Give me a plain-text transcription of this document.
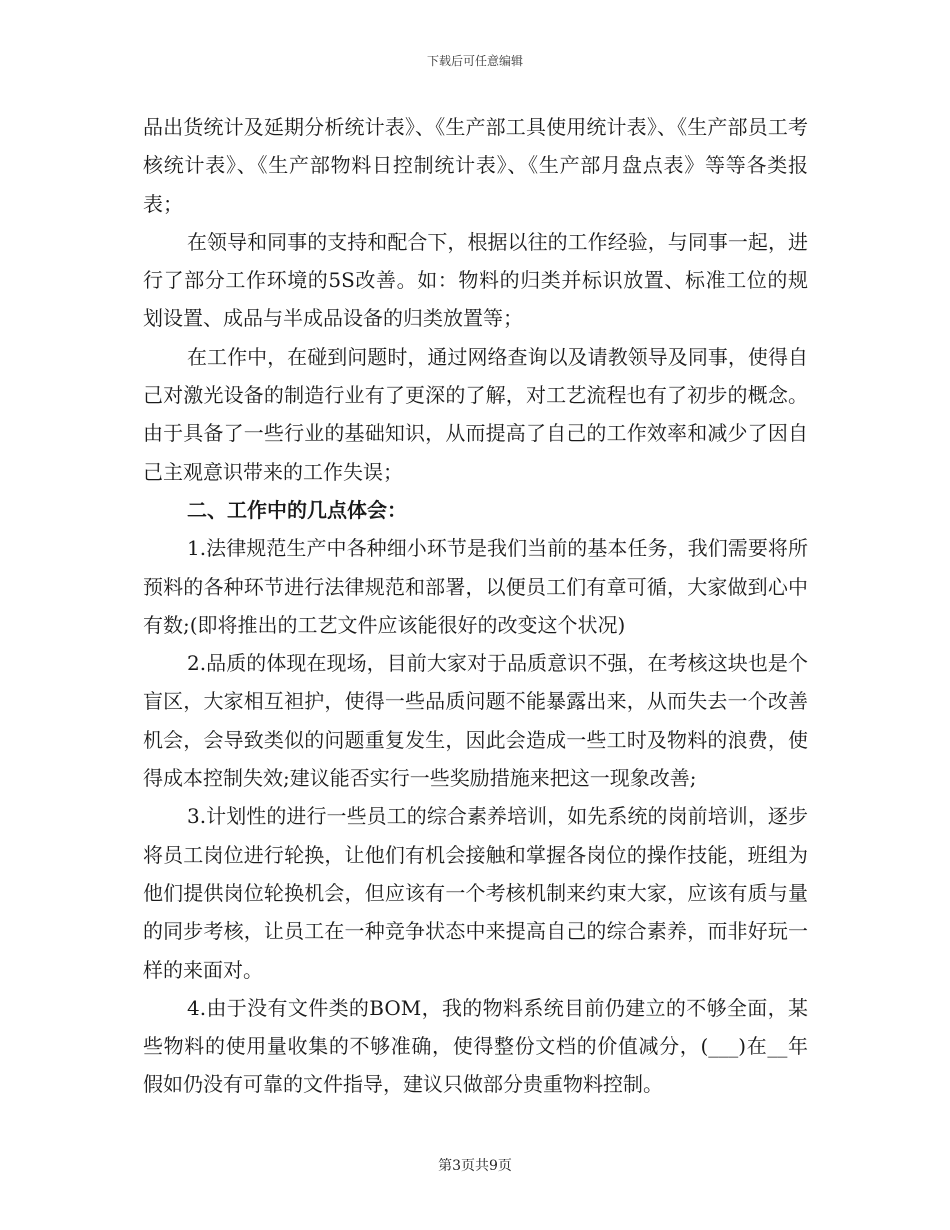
下载后可任意编辑

品出货统计及延期分析统计表》、《生产部工具使用统计表》、《生产部员工考核统计表》、《生产部物料日控制统计表》、《生产部月盘点表》等等各类报表；

在领导和同事的支持和配合下，根据以往的工作经验，与同事一起，进行了部分工作环境的5S改善。如：物料的归类并标识放置、标准工位的规划设置、成品与半成品设备的归类放置等；

在工作中，在碰到问题时，通过网络查询以及请教领导及同事，使得自己对激光设备的制造行业有了更深的了解，对工艺流程也有了初步的概念。由于具备了一些行业的基础知识，从而提高了自己的工作效率和减少了因自己主观意识带来的工作失误；

二、工作中的几点体会：

1.法律规范生产中各种细小环节是我们当前的基本任务，我们需要将所预料的各种环节进行法律规范和部署，以便员工们有章可循，大家做到心中有数;(即将推出的工艺文件应该能很好的改变这个状况)

2.品质的体现在现场，目前大家对于品质意识不强，在考核这块也是个盲区，大家相互袒护，使得一些品质问题不能暴露出来，从而失去一个改善机会，会导致类似的问题重复发生，因此会造成一些工时及物料的浪费，使得成本控制失效;建议能否实行一些奖励措施来把这一现象改善;

3.计划性的进行一些员工的综合素养培训，如先系统的岗前培训，逐步将员工岗位进行轮换，让他们有机会接触和掌握各岗位的操作技能，班组为他们提供岗位轮换机会，但应该有一个考核机制来约束大家，应该有质与量的同步考核，让员工在一种竞争状态中来提高自己的综合素养，而非好玩一样的来面对。

4.由于没有文件类的BOM，我的物料系统目前仍建立的不够全面，某些物料的使用量收集的不够准确，使得整份文档的价值减分，(___)在__年假如仍没有可靠的文件指导，建议只做部分贵重物料控制。

第3页共9页
